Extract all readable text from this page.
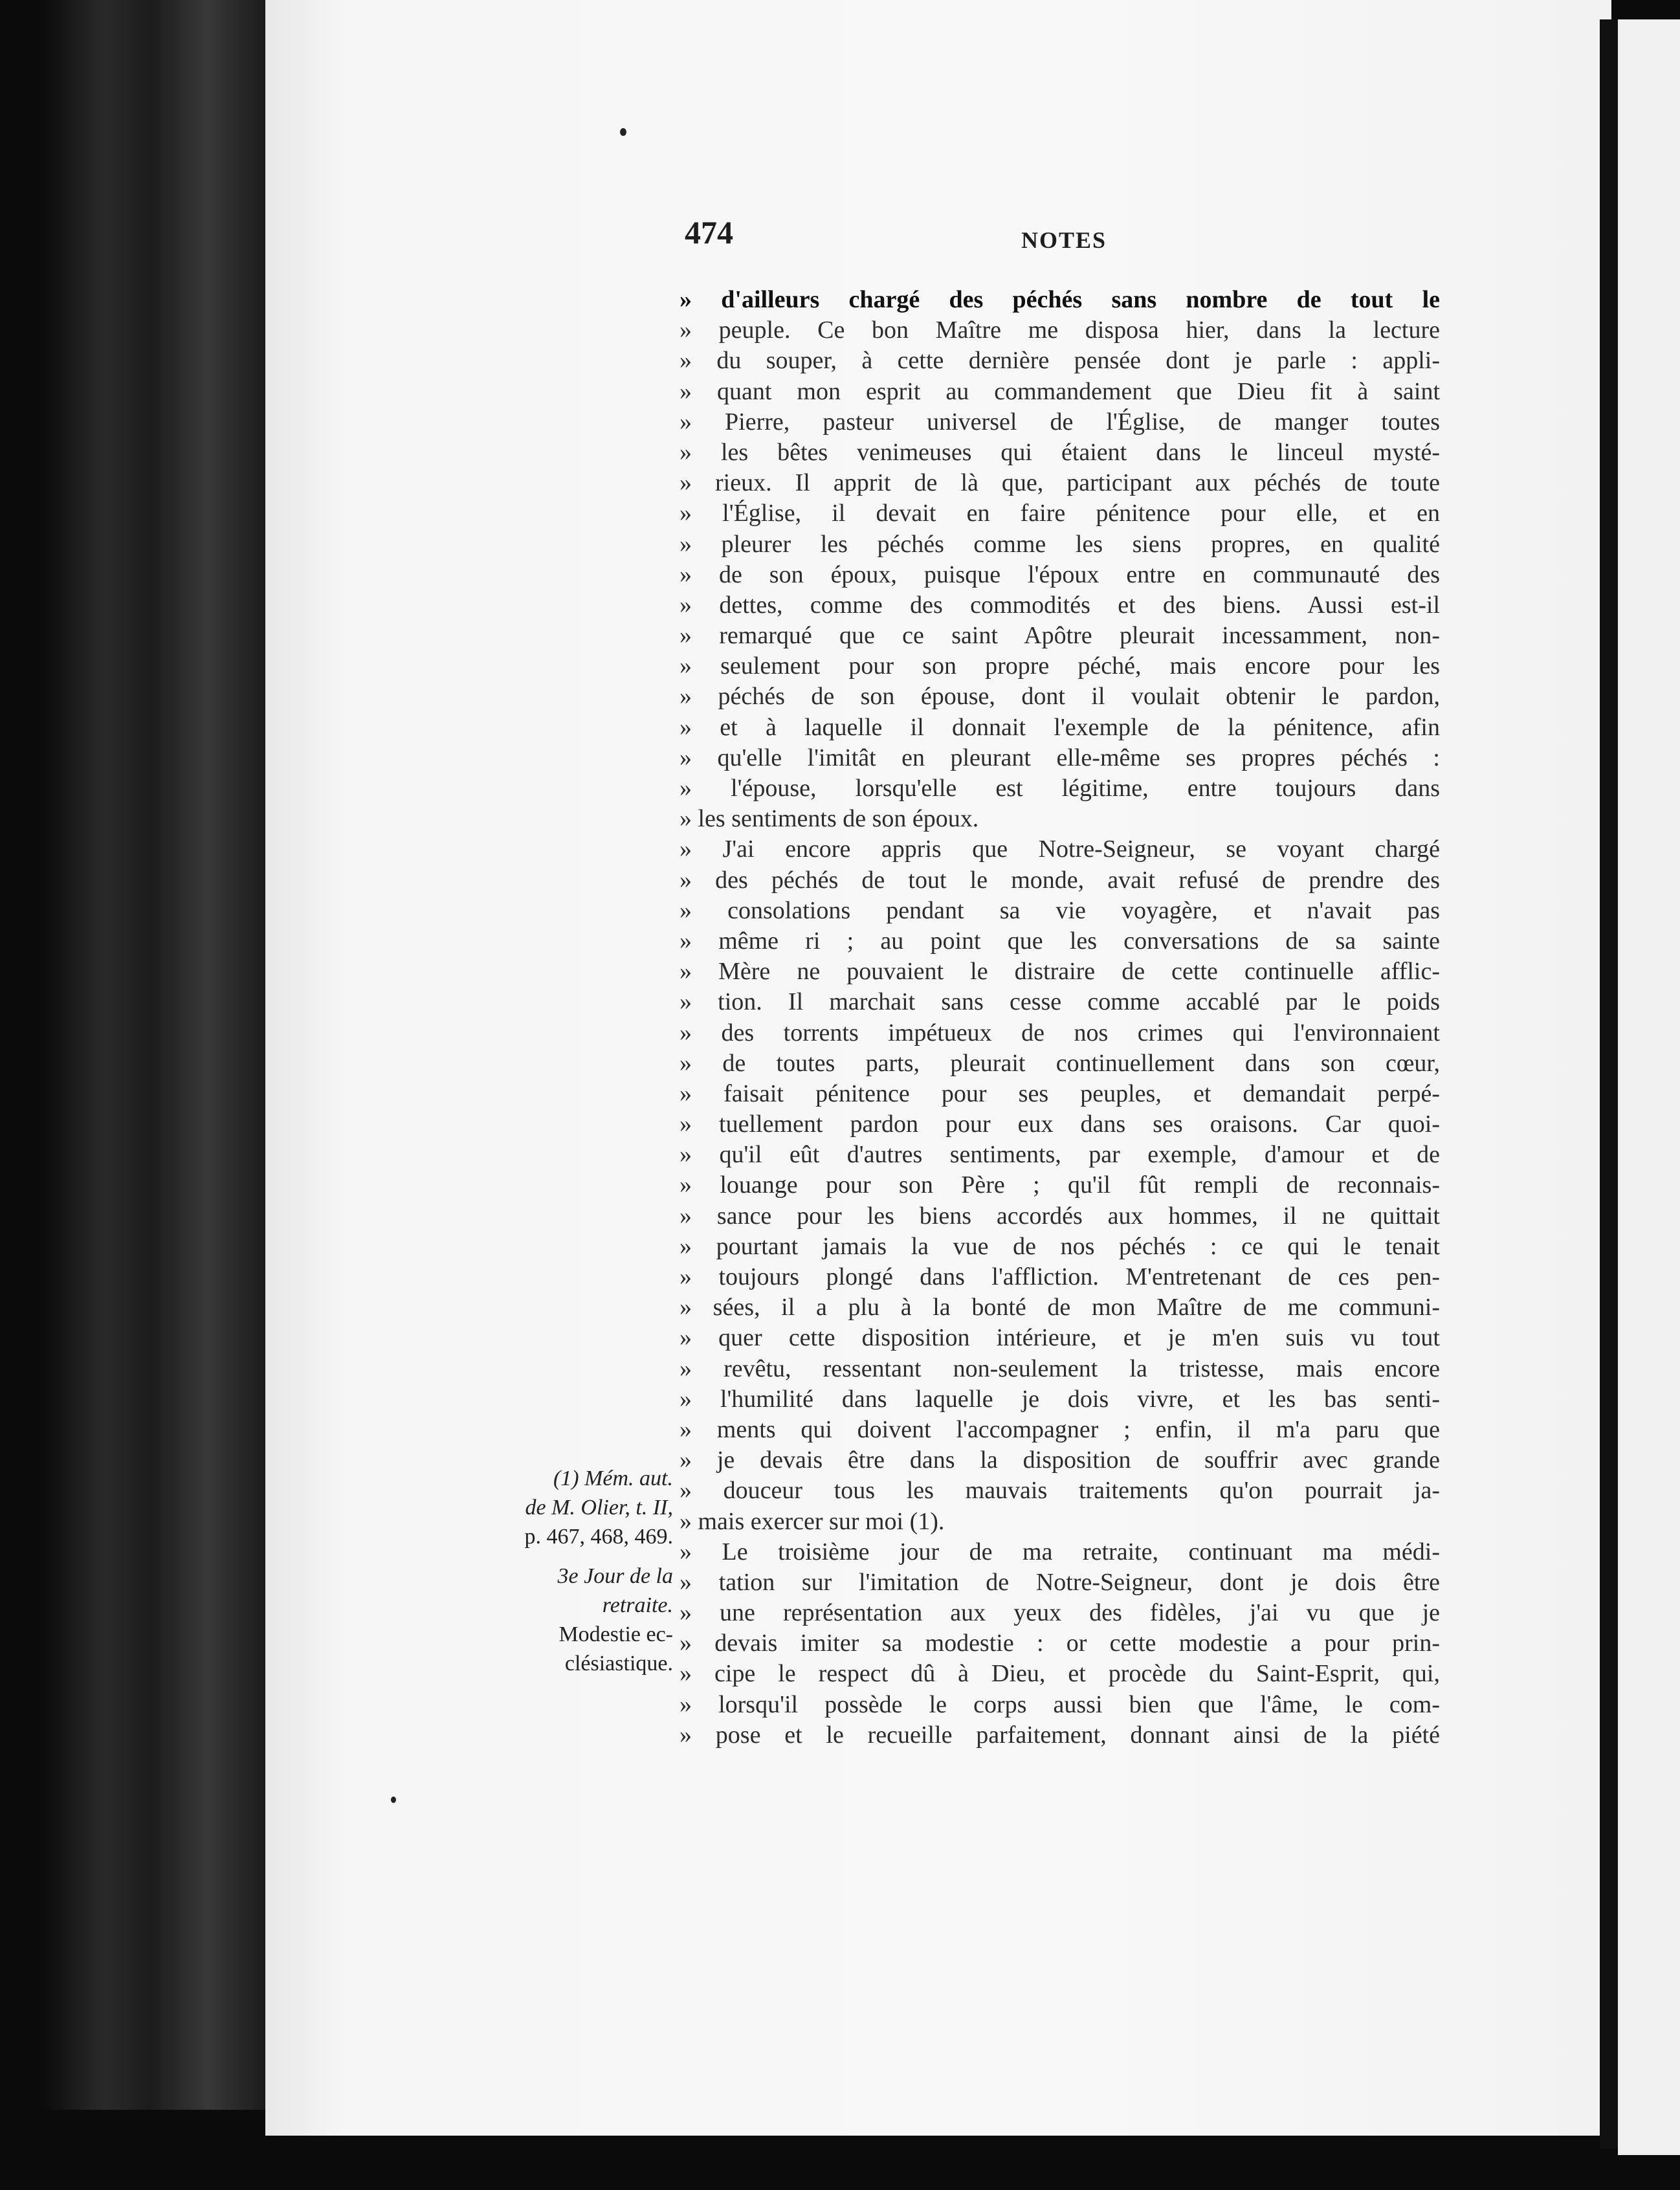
474	NOTES
» d'ailleurs chargé des péchés sans nombre de tout le
» peuple. Ce bon Maître me disposa hier, dans la lecture
» du souper, à cette dernière pensée dont je parle : appli-
» quant mon esprit au commandement que Dieu fit à saint
» Pierre, pasteur universel de l'Église, de manger toutes
» les bêtes venimeuses qui étaient dans le linceul mysté-
» rieux. Il apprit de là que, participant aux péchés de toute
» l'Église, il devait en faire pénitence pour elle, et en
» pleurer les péchés comme les siens propres, en qualité
» de son époux, puisque l'époux entre en communauté des
» dettes, comme des commodités et des biens. Aussi est-il
» remarqué que ce saint Apôtre pleurait incessamment, non-
» seulement pour son propre péché, mais encore pour les
» péchés de son épouse, dont il voulait obtenir le pardon,
» et à laquelle il donnait l'exemple de la pénitence, afin
» qu'elle l'imitât en pleurant elle-même ses propres péchés :
» l'épouse, lorsqu'elle est légitime, entre toujours dans
» les sentiments de son époux.
» J'ai encore appris que Notre-Seigneur, se voyant chargé
» des péchés de tout le monde, avait refusé de prendre des
» consolations pendant sa vie voyagère, et n'avait pas
» même ri ; au point que les conversations de sa sainte
» Mère ne pouvaient le distraire de cette continuelle afflic-
» tion. Il marchait sans cesse comme accablé par le poids
» des torrents impétueux de nos crimes qui l'environnaient
» de toutes parts, pleurait continuellement dans son cœur,
» faisait pénitence pour ses peuples, et demandait perpé-
» tuellement pardon pour eux dans ses oraisons. Car quoi-
» qu'il eût d'autres sentiments, par exemple, d'amour et de
» louange pour son Père ; qu'il fût rempli de reconnais-
» sance pour les biens accordés aux hommes, il ne quittait
» pourtant jamais la vue de nos péchés : ce qui le tenait
» toujours plongé dans l'affliction. M'entretenant de ces pen-
» sées, il a plu à la bonté de mon Maître de me communi-
» quer cette disposition intérieure, et je m'en suis vu tout
» revêtu, ressentant non-seulement la tristesse, mais encore
» l'humilité dans laquelle je dois vivre, et les bas senti-
» ments qui doivent l'accompagner ; enfin, il m'a paru que
» je devais être dans la disposition de souffrir avec grande
» douceur tous les mauvais traitements qu'on pourrait ja-
» mais exercer sur moi (1).
» Le troisième jour de ma retraite, continuant ma médi-
» tation sur l'imitation de Notre-Seigneur, dont je dois être
» une représentation aux yeux des fidèles, j'ai vu que je
» devais imiter sa modestie : or cette modestie a pour prin-
» cipe le respect dû à Dieu, et procède du Saint-Esprit, qui,
» lorsqu'il possède le corps aussi bien que l'âme, le com-
» pose et le recueille parfaitement, donnant ainsi de la piété
(1) Mém. aut.
de M. Olier, t. II,
p. 467, 468, 469.
3e Jour de la
retraite.
Modestie ec-
clésiastique.
